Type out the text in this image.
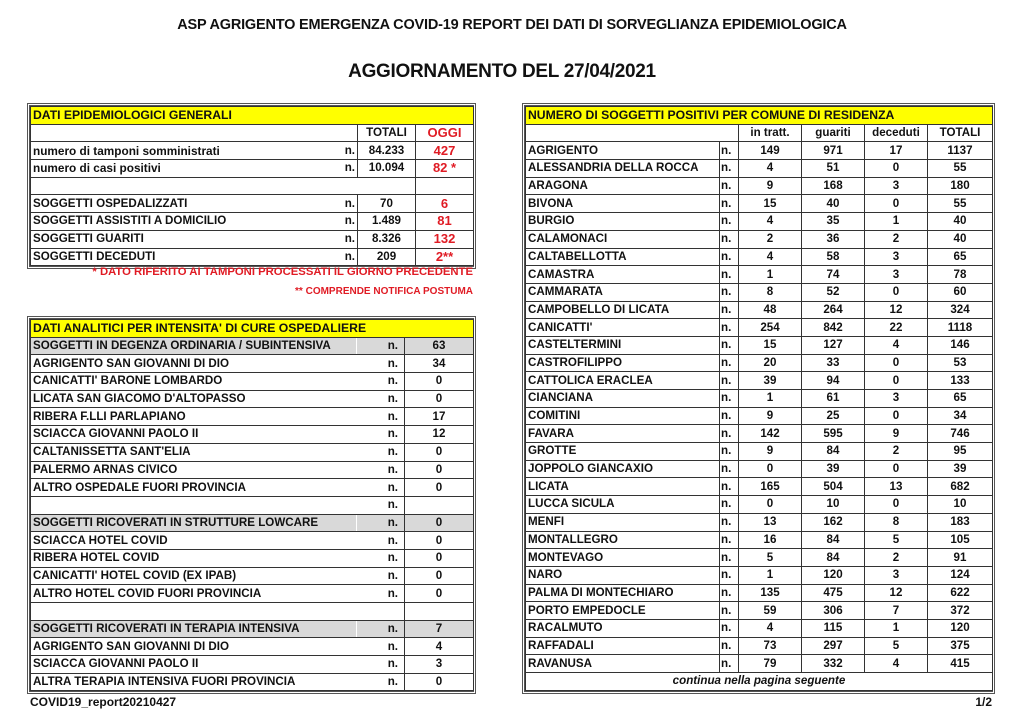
ASP AGRIGENTO EMERGENZA COVID-19 REPORT DEI DATI DI SORVEGLIANZA EPIDEMIOLOGICA
AGGIORNAMENTO DEL 27/04/2021
DATI EPIDEMIOLOGICI GENERALI			
		TOTALI	OGGI
numero di tamponi somministrati	n.	84.233	427
numero di casi positivi	n.	10.094	82 *

SOGGETTI OSPEDALIZZATI	n.	70	6
SOGGETTI ASSISTITI A DOMICILIO	n.	1.489	81
SOGGETTI GUARITI	n.	8.326	132
SOGGETTI DECEDUTI	n.	209	2**
* DATO RIFERITO AI TAMPONI PROCESSATI IL GIORNO PRECEDENTE
** COMPRENDE NOTIFICA POSTUMA
DATI ANALITICI PER INTENSITA' DI CURE OSPEDALIERE		
SOGGETTI IN DEGENZA ORDINARIA / SUBINTENSIVA	n.	63
AGRIGENTO SAN GIOVANNI DI DIO	n.	34
CANICATTI' BARONE LOMBARDO	n.	0
LICATA SAN GIACOMO D'ALTOPASSO	n.	0
RIBERA F.LLI PARLAPIANO	n.	17
SCIACCA GIOVANNI PAOLO II	n.	12
CALTANISSETTA SANT'ELIA	n.	0
PALERMO ARNAS CIVICO	n.	0
ALTRO OSPEDALE FUORI PROVINCIA	n.	0
	n.	
SOGGETTI RICOVERATI IN STRUTTURE LOWCARE	n.	0
SCIACCA HOTEL COVID	n.	0
RIBERA HOTEL COVID	n.	0
CANICATTI' HOTEL COVID (EX IPAB)	n.	0
ALTRO HOTEL COVID FUORI PROVINCIA	n.	0

SOGGETTI RICOVERATI IN TERAPIA INTENSIVA	n.	7
AGRIGENTO SAN GIOVANNI DI DIO	n.	4
SCIACCA GIOVANNI PAOLO II	n.	3
ALTRA TERAPIA INTENSIVA FUORI PROVINCIA	n.	0
NUMERO DI SOGGETTI POSITIVI PER COMUNE DI RESIDENZA					
		in tratt.	guariti	deceduti	TOTALI
AGRIGENTO	n.	149	971	17	1137
ALESSANDRIA DELLA ROCCA	n.	4	51	0	55
ARAGONA	n.	9	168	3	180
BIVONA	n.	15	40	0	55
BURGIO	n.	4	35	1	40
CALAMONACI	n.	2	36	2	40
CALTABELLOTTA	n.	4	58	3	65
CAMASTRA	n.	1	74	3	78
CAMMARATA	n.	8	52	0	60
CAMPOBELLO DI LICATA	n.	48	264	12	324
CANICATTI'	n.	254	842	22	1118
CASTELTERMINI	n.	15	127	4	146
CASTROFILIPPO	n.	20	33	0	53
CATTOLICA ERACLEA	n.	39	94	0	133
CIANCIANA	n.	1	61	3	65
COMITINI	n.	9	25	0	34
FAVARA	n.	142	595	9	746
GROTTE	n.	9	84	2	95
JOPPOLO GIANCAXIO	n.	0	39	0	39
LICATA	n.	165	504	13	682
LUCCA SICULA	n.	0	10	0	10
MENFI	n.	13	162	8	183
MONTALLEGRO	n.	16	84	5	105
MONTEVAGO	n.	5	84	2	91
NARO	n.	1	120	3	124
PALMA DI MONTECHIARO	n.	135	475	12	622
PORTO EMPEDOCLE	n.	59	306	7	372
RACALMUTO	n.	4	115	1	120
RAFFADALI	n.	73	297	5	375
RAVANUSA	n.	79	332	4	415
continua nella pagina seguente					
COVID19_report20210427	1/2
